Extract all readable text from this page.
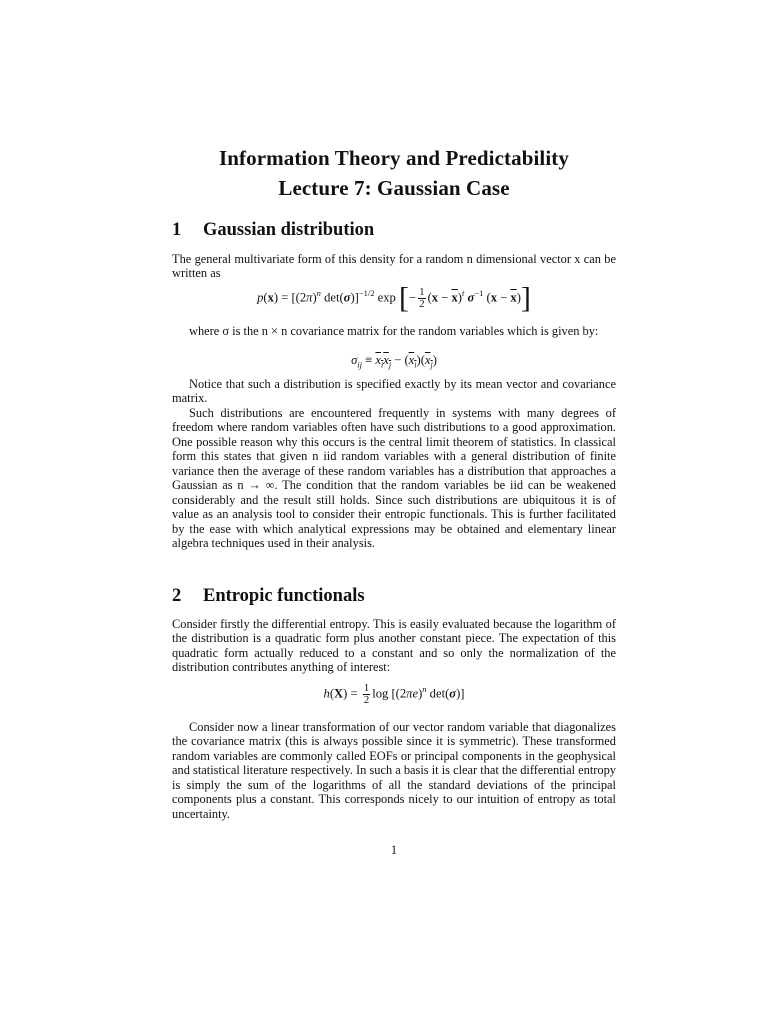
Information Theory and Predictability
Lecture 7: Gaussian Case
1 Gaussian distribution
The general multivariate form of this density for a random n dimensional vector x can be written as
$p(x) = [(2\pi)^n$ det(σ)]$^{-1/2}$ exp [− $\frac{1}{2} (x - \overline{x})^t$ $\sigma^{-1}$ $(x - \overline{x})$]
where σ is the n × n covariance matrix for the random variables which is given by:
$\sigma_{ij} \equiv x_ix_j - (x_i)(x_j)$
Notice that such a distribution is specified exactly by its mean vector and covariance matrix.
Such distributions are encountered frequently in systems with many degrees of freedom where random variables often have such distributions to a good approximation. One possible reason why this occurs is the central limit theorem of statistics. In classical form this states that given n iid random variables with a general distribution of finite variance then the average of these random variables has a distribution that approaches a Gaussian as n → ∞. The condition that the random variables be iid can be weakened considerably and the result still holds. Since such distributions are ubiquitous it is of value as an analysis tool to consider their entropic functionals. This is further facilitated by the ease with which analytical expressions may be obtained and elementary linear algebra techniques used in their analysis.
2 Entropic functionals
Consider firstly the differential entropy. This is easily evaluated because the logarithm of the distribution is a quadratic form plus another constant piece. The expectation of this quadratic form actually reduced to a constant and so only the normalization of the distribution contributes anything of interest:
$h(X) = \frac{1}{2}$ $\log [(2\pi e)^n$ det(σ)]
Consider now a linear transformation of our vector random variable that diagonalizes the covariance matrix (this is always possible since it is symmetric). These transformed random variables are commonly called EOFs or principal components in the geophysical and statistical literature respectively. In such a basis it is clear that the differential entropy is simply the sum of the logarithms of all the standard deviations of the principal components plus a constant. This corresponds nicely to our intuition of entropy as total uncertainty.
1
